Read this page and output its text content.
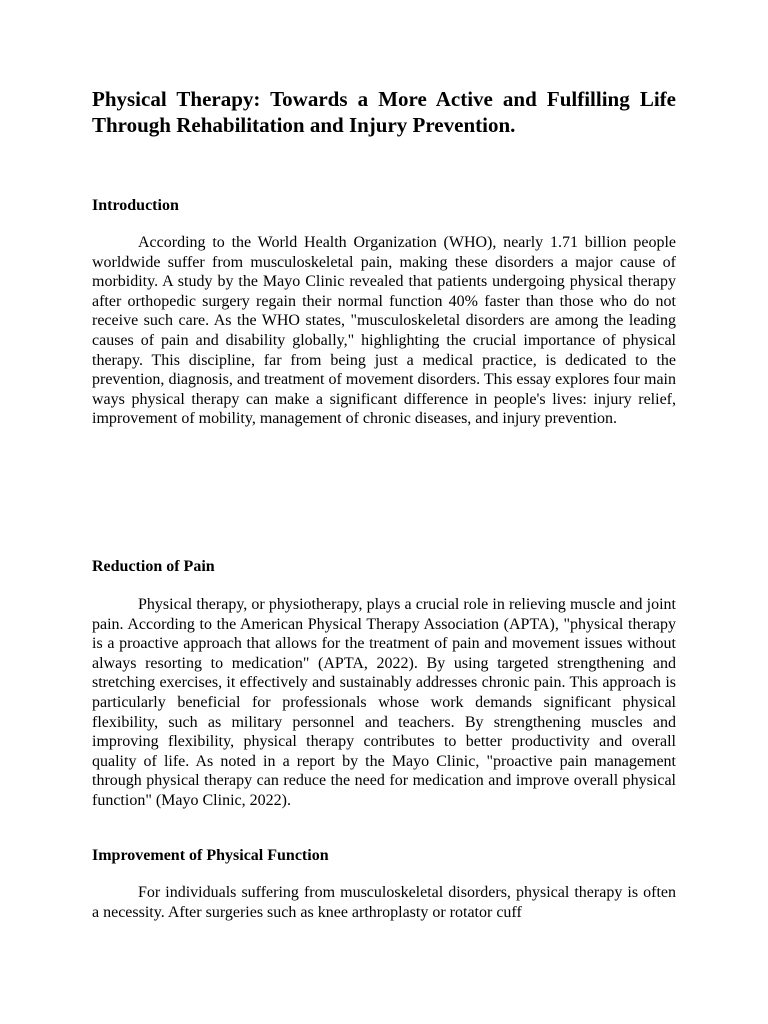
Physical Therapy: Towards a More Active and Fulfilling Life Through Rehabilitation and Injury Prevention.
Introduction

According to the World Health Organization (WHO), nearly 1.71 billion people worldwide suffer from musculoskeletal pain, making these disorders a major cause of morbidity. A study by the Mayo Clinic revealed that patients undergoing physical therapy after orthopedic surgery regain their normal function 40% faster than those who do not receive such care. As the WHO states, "musculoskeletal disorders are among the leading causes of pain and disability globally," highlighting the crucial importance of physical therapy. This discipline, far from being just a medical practice, is dedicated to the prevention, diagnosis, and treatment of movement disorders. This essay explores four main ways physical therapy can make a significant difference in people's lives: injury relief, improvement of mobility, management of chronic diseases, and injury prevention.

Reduction of Pain

Physical therapy, or physiotherapy, plays a crucial role in relieving muscle and joint pain. According to the American Physical Therapy Association (APTA), "physical therapy is a proactive approach that allows for the treatment of pain and movement issues without always resorting to medication" (APTA, 2022). By using targeted strengthening and stretching exercises, it effectively and sustainably addresses chronic pain. This approach is particularly beneficial for professionals whose work demands significant physical flexibility, such as military personnel and teachers. By strengthening muscles and improving flexibility, physical therapy contributes to better productivity and overall quality of life. As noted in a report by the Mayo Clinic, "proactive pain management through physical therapy can reduce the need for medication and improve overall physical function" (Mayo Clinic, 2022).

Improvement of Physical Function

For individuals suffering from musculoskeletal disorders, physical therapy is often a necessity. After surgeries such as knee arthroplasty or rotator cuff
